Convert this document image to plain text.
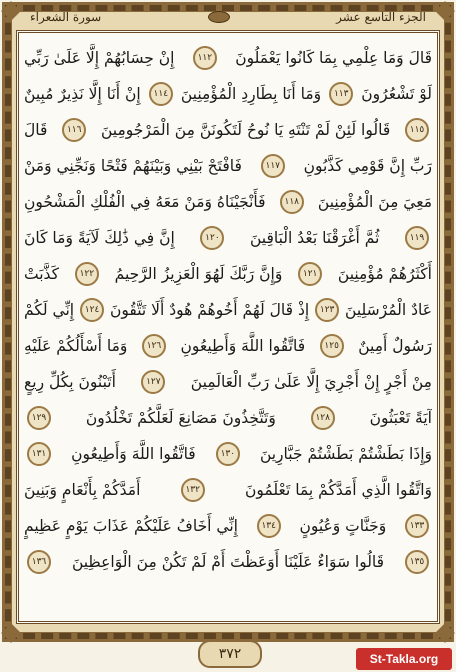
سورة الشعراء	الجزء التاسع عشر
قَالَ وَمَا عِلْمِي بِمَا كَانُوا يَعْمَلُونَ
١١٢
إِنْ حِسَابُهُمْ إِلَّا عَلَىٰ رَبِّي
لَوْ تَشْعُرُونَ
١١٣
وَمَا أَنَا بِطَارِدِ الْمُؤْمِنِينَ
١١٤
إِنْ أَنَا إِلَّا نَذِيرٌ مُبِينٌ
١١٥
قَالُوا لَئِنْ لَمْ تَنْتَهِ يَا نُوحُ لَتَكُونَنَّ مِنَ الْمَرْجُومِينَ
١١٦
قَالَ
رَبِّ إِنَّ قَوْمِي كَذَّبُونِ
١١٧
فَافْتَحْ بَيْنِي وَبَيْنَهُمْ فَتْحًا وَنَجِّنِي وَمَنْ
مَعِيَ مِنَ الْمُؤْمِنِينَ
١١٨
فَأَنْجَيْنَاهُ وَمَنْ مَعَهُ فِي الْفُلْكِ الْمَشْحُونِ
١١٩
ثُمَّ أَغْرَقْنَا بَعْدُ الْبَاقِينَ
١٢٠
إِنَّ فِي ذَٰلِكَ لَآيَةً وَمَا كَانَ
أَكْثَرُهُمْ مُؤْمِنِينَ
١٢١
وَإِنَّ رَبَّكَ لَهُوَ الْعَزِيزُ الرَّحِيمُ
١٢٢
كَذَّبَتْ
عَادٌ الْمُرْسَلِينَ
١٢٣
إِذْ قَالَ لَهُمْ أَخُوهُمْ هُودٌ أَلَا تَتَّقُونَ
١٢٤
إِنِّي لَكُمْ
رَسُولٌ أَمِينٌ
١٢٥
فَاتَّقُوا اللَّهَ وَأَطِيعُونِ
١٢٦
وَمَا أَسْأَلُكُمْ عَلَيْهِ
مِنْ أَجْرٍ إِنْ أَجْرِيَ إِلَّا عَلَىٰ رَبِّ الْعَالَمِينَ
١٢٧
أَتَبْنُونَ بِكُلِّ رِيعٍ
آيَةً تَعْبَثُونَ
١٢٨
وَتَتَّخِذُونَ مَصَانِعَ لَعَلَّكُمْ تَخْلُدُونَ
١٢٩
وَإِذَا بَطَشْتُمْ بَطَشْتُمْ جَبَّارِينَ
١٣٠
فَاتَّقُوا اللَّهَ وَأَطِيعُونِ
١٣١
وَاتَّقُوا الَّذِي أَمَدَّكُمْ بِمَا تَعْلَمُونَ
١٣٢
أَمَدَّكُمْ بِأَنْعَامٍ وَبَنِينَ
١٣٣
وَجَنَّاتٍ وَعُيُونٍ
١٣٤
إِنِّي أَخَافُ عَلَيْكُمْ عَذَابَ يَوْمٍ عَظِيمٍ
١٣٥
قَالُوا سَوَاءٌ عَلَيْنَا أَوَعَظْتَ أَمْ لَمْ تَكُنْ مِنَ الْوَاعِظِينَ
١٣٦
٣٧٢	St-Takla.org
